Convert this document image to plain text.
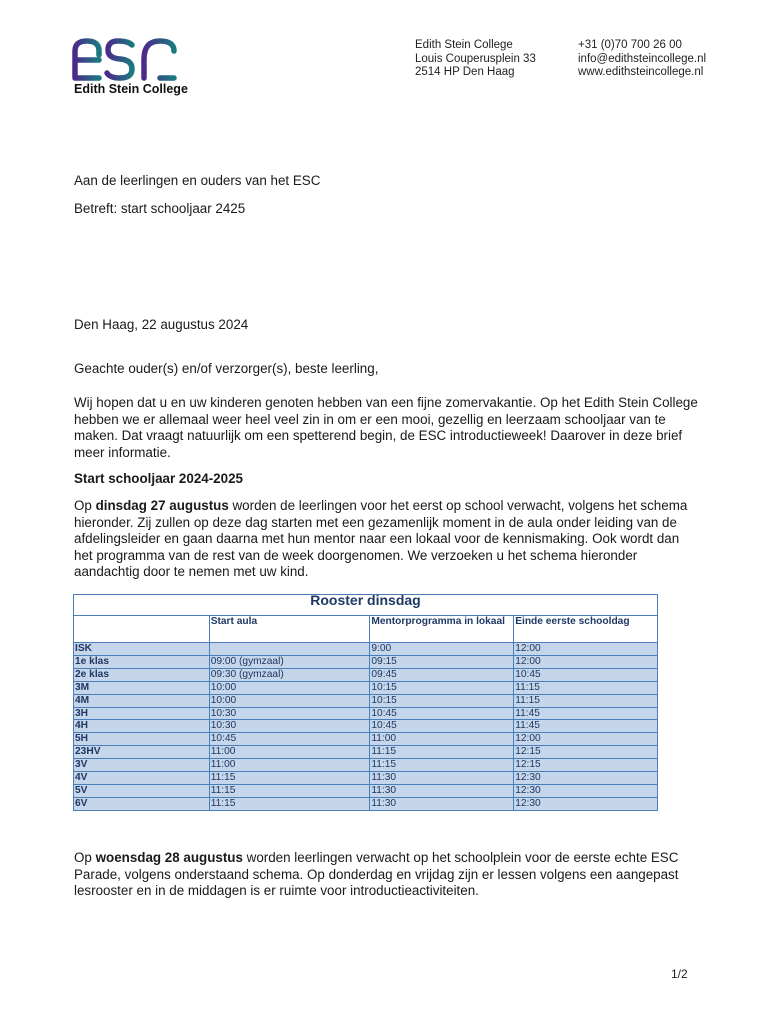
Edith Stein College
Edith Stein College
Louis Couperusplein 33
2514 HP Den Haag
+31 (0)70 700 26 00
info@edithsteincollege.nl
www.edithsteincollege.nl
Aan de leerlingen en ouders van het ESC
Betreft: start schooljaar 2425
Den Haag, 22 augustus 2024
Geachte ouder(s) en/of verzorger(s), beste leerling,
Wij hopen dat u en uw kinderen genoten hebben van een fijne zomervakantie. Op het Edith Stein College hebben we er allemaal weer heel veel zin in om er een mooi, gezellig en leerzaam schooljaar van te maken. Dat vraagt natuurlijk om een spetterend begin, de ESC introductieweek! Daarover in deze brief meer informatie.
Start schooljaar 2024-2025
Op dinsdag 27 augustus worden de leerlingen voor het eerst op school verwacht, volgens het schema hieronder. Zij zullen op deze dag starten met een gezamenlijk moment in de aula onder leiding van de afdelingsleider en gaan daarna met hun mentor naar een lokaal voor de kennismaking. Ook wordt dan het programma van de rest van de week doorgenomen. We verzoeken u het schema hieronder aandachtig door te nemen met uw kind.
Rooster dinsdag			
	Start aula	Mentorprogramma in lokaal	Einde eerste schooldag
ISK		9:00	12:00
1e klas	09:00 (gymzaal)	09:15	12:00
2e klas	09:30 (gymzaal)	09:45	10:45
3M	10:00	10:15	11:15
4M	10:00	10:15	11:15
3H	10:30	10:45	11:45
4H	10:30	10:45	11:45
5H	10:45	11:00	12:00
23HV	11:00	11:15	12:15
3V	11:00	11:15	12:15
4V	11:15	11:30	12:30
5V	11:15	11:30	12:30
6V	11:15	11:30	12:30
Op woensdag 28 augustus worden leerlingen verwacht op het schoolplein voor de eerste echte ESC Parade, volgens onderstaand schema. Op donderdag en vrijdag zijn er lessen volgens een aangepast lesrooster en in de middagen is er ruimte voor introductieactiviteiten.
1/2
